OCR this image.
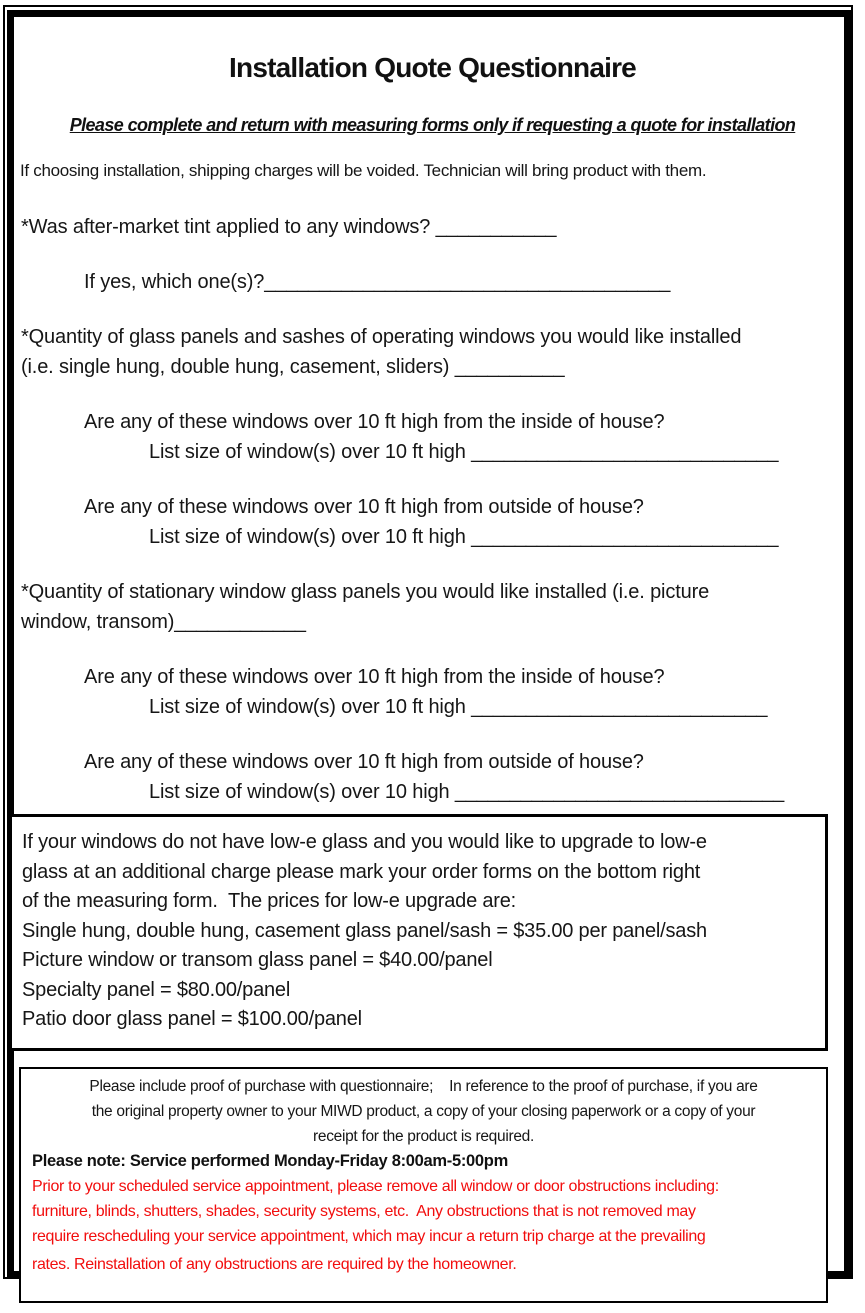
Installation Quote Questionnaire
Please complete and return with measuring forms only if requesting a quote for installation
If choosing installation, shipping charges will be voided. Technician will bring product with them.
*Was after-market tint applied to any windows? ___________
If yes, which one(s)?_____________________________________
*Quantity of glass panels and sashes of operating windows you would like installed
(i.e. single hung, double hung, casement, sliders) __________
Are any of these windows over 10 ft high from the inside of house?
List size of window(s) over 10 ft high ____________________________
Are any of these windows over 10 ft high from outside of house?
List size of window(s) over 10 ft high ____________________________
*Quantity of stationary window glass panels you would like installed (i.e. picture
window, transom)____________
Are any of these windows over 10 ft high from the inside of house?
List size of window(s) over 10 ft high ___________________________
Are any of these windows over 10 ft high from outside of house?
List size of window(s) over 10 high ______________________________
If your windows do not have low-e glass and you would like to upgrade to low-e
glass at an additional charge please mark your order forms on the bottom right
of the measuring form.  The prices for low-e upgrade are:
Single hung, double hung, casement glass panel/sash = $35.00 per panel/sash
Picture window or transom glass panel = $40.00/panel
Specialty panel = $80.00/panel
Patio door glass panel = $100.00/panel
Please include proof of purchase with questionnaire;    In reference to the proof of purchase, if you are
the original property owner to your MIWD product, a copy of your closing paperwork or a copy of your
receipt for the product is required.
Please note: Service performed Monday-Friday 8:00am-5:00pm
Prior to your scheduled service appointment, please remove all window or door obstructions including:
furniture, blinds, shutters, shades, security systems, etc.  Any obstructions that is not removed may
require rescheduling your service appointment, which may incur a return trip charge at the prevailing
rates. Reinstallation of any obstructions are required by the homeowner.
